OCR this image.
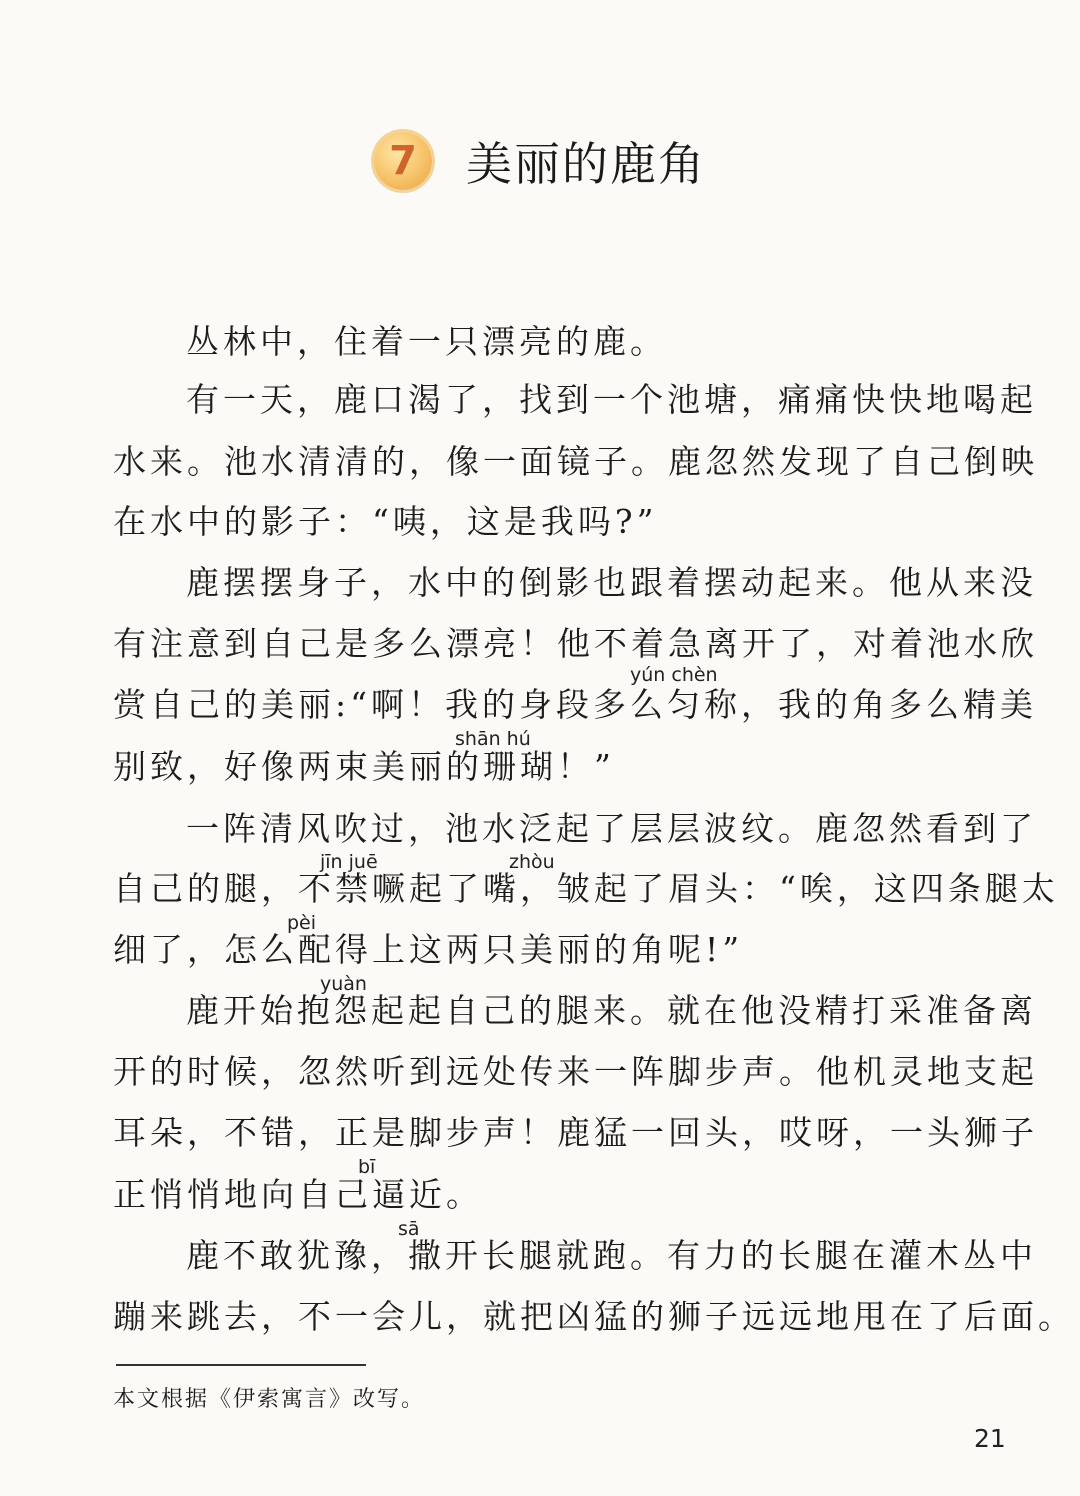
7 美丽的鹿角
丛林中，住着一只漂亮的鹿。
有一天，鹿口渴了，找到一个池塘，痛痛快快地喝起
水来。池水清清的，像一面镜子。鹿忽然发现了自己倒映
在水中的影子：“咦，这是我吗?”
鹿摆摆身子，水中的倒影也跟着摆动起来。他从来没
有注意到自己是多么漂亮！他不着急离开了，对着池水欣
赏自己的美丽:“啊！我的身段多么匀称，我的角多么精美
别致，好像两束美丽的珊瑚！”
一阵清风吹过，池水泛起了层层波纹。鹿忽然看到了
自己的腿，不禁噘起了嘴，皱起了眉头：“唉，这四条腿太
细了，怎么配得上这两只美丽的角呢!”
鹿开始抱怨起起自己的腿来。就在他没精打采准备离
开的时候，忽然听到远处传来一阵脚步声。他机灵地支起
耳朵，不错，正是脚步声！鹿猛一回头，哎呀，一头狮子
正悄悄地向自己逼近。
鹿不敢犹豫，撒开长腿就跑。有力的长腿在灌木丛中
蹦来跳去，不一会儿，就把凶猛的狮子远远地甩在了后面。
yún chèn
shān hú
jīn juē	zhòu
pèi
yuàn
bī
sā
本文根据《伊索寓言》改写。
21
